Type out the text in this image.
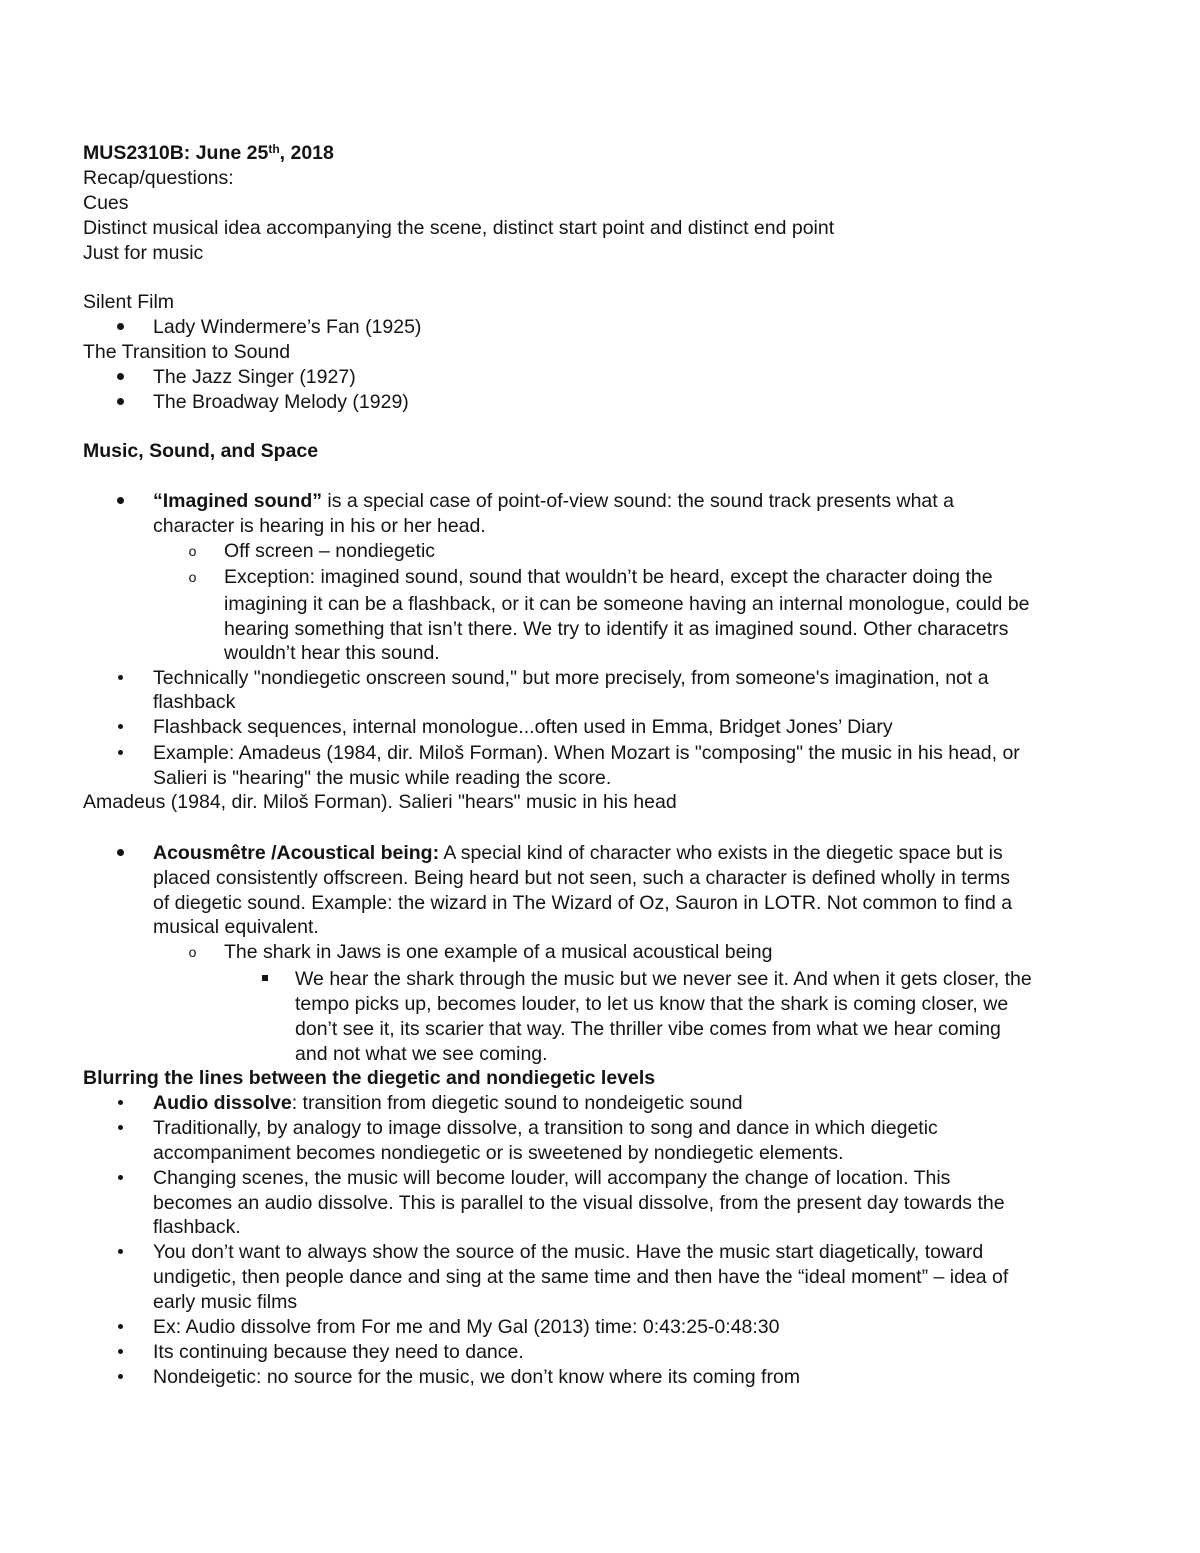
MUS2310B: June 25th, 2018
Recap/questions:
Cues
Distinct musical idea accompanying the scene, distinct start point and distinct end point
Just for music
Silent Film
Lady Windermere’s Fan (1925)
The Transition to Sound
The Jazz Singer (1927)
The Broadway Melody (1929)
Music, Sound, and Space
“Imagined sound” is a special case of point-of-view sound: the sound track presents what a
character is hearing in his or her head.
o	Off screen – nondiegetic
o	Exception: imagined sound, sound that wouldn’t be heard, except the character doing the
imagining it can be a flashback, or it can be someone having an internal monologue, could be
hearing something that isn’t there. We try to identify it as imagined sound. Other characetrs
wouldn’t hear this sound.
Technically "nondiegetic onscreen sound," but more precisely, from someone's imagination, not a
flashback
Flashback sequences, internal monologue...often used in Emma, Bridget Jones’ Diary
Example: Amadeus (1984, dir. Miloš Forman). When Mozart is "composing" the music in his head, or
Salieri is "hearing" the music while reading the score.
Amadeus (1984, dir. Miloš Forman). Salieri "hears" music in his head
Acousmêtre /Acoustical being: A special kind of character who exists in the diegetic space but is
placed consistently offscreen. Being heard but not seen, such a character is defined wholly in terms
of diegetic sound. Example: the wizard in The Wizard of Oz, Sauron in LOTR. Not common to find a
musical equivalent.
o	The shark in Jaws is one example of a musical acoustical being
We hear the shark through the music but we never see it. And when it gets closer, the
tempo picks up, becomes louder, to let us know that the shark is coming closer, we
don’t see it, its scarier that way. The thriller vibe comes from what we hear coming
and not what we see coming.
Blurring the lines between the diegetic and nondiegetic levels
Audio dissolve: transition from diegetic sound to nondeigetic sound
Traditionally, by analogy to image dissolve, a transition to song and dance in which diegetic
accompaniment becomes nondiegetic or is sweetened by nondiegetic elements.
Changing scenes, the music will become louder, will accompany the change of location. This
becomes an audio dissolve. This is parallel to the visual dissolve, from the present day towards the
flashback.
You don’t want to always show the source of the music. Have the music start diagetically, toward
undigetic, then people dance and sing at the same time and then have the “ideal moment” – idea of
early music films
Ex: Audio dissolve from For me and My Gal (2013) time: 0:43:25-0:48:30
Its continuing because they need to dance.
Nondeigetic: no source for the music, we don’t know where its coming from
